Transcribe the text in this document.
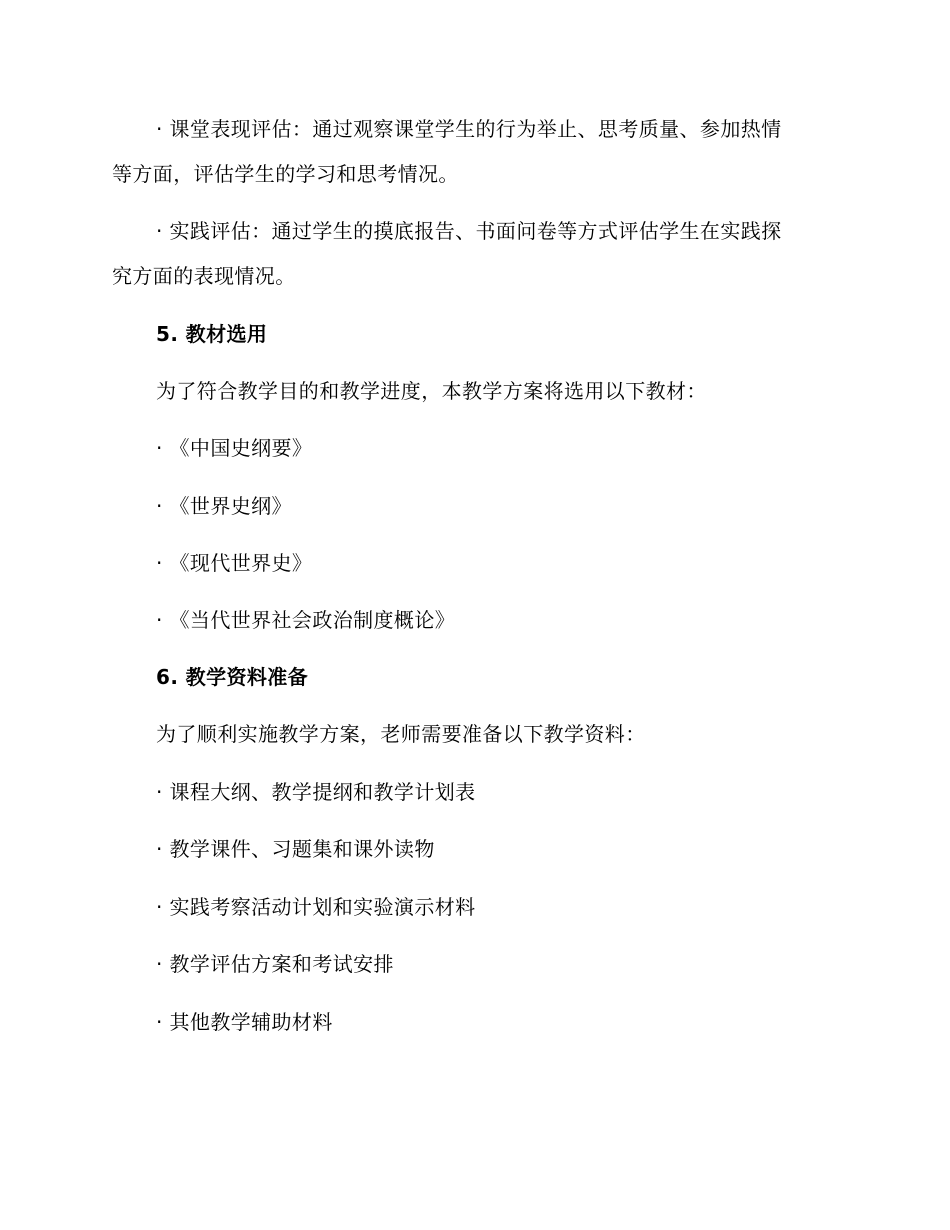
· 课堂表现评估：通过观察课堂学生的行为举止、思考质量、参加热情
等方面，评估学生的学习和思考情况。
· 实践评估：通过学生的摸底报告、书面问卷等方式评估学生在实践探
究方面的表现情况。
5. 教材选用
为了符合教学目的和教学进度，本教学方案将选用以下教材：
· 《中国史纲要》
· 《世界史纲》
· 《现代世界史》
· 《当代世界社会政治制度概论》
6. 教学资料准备
为了顺利实施教学方案，老师需要准备以下教学资料：
· 课程大纲、教学提纲和教学计划表
· 教学课件、习题集和课外读物
· 实践考察活动计划和实验演示材料
· 教学评估方案和考试安排
· 其他教学辅助材料
